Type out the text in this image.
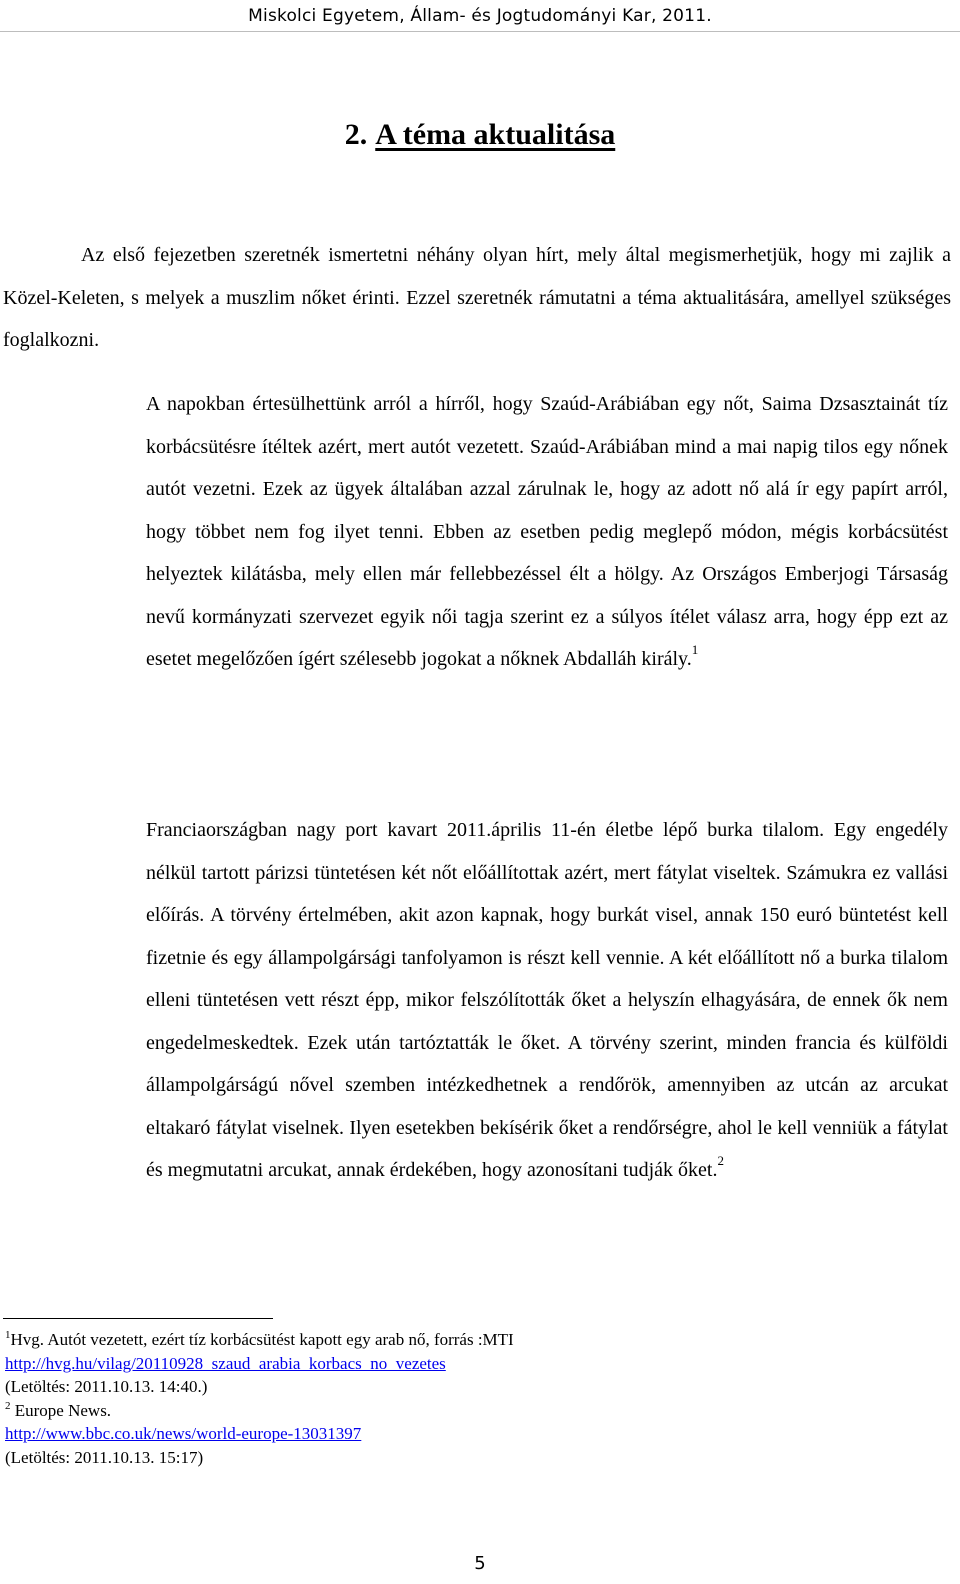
Miskolci Egyetem, Állam- és Jogtudományi Kar, 2011.
2. A téma aktualitása

Az első fejezetben szeretnék ismertetni néhány olyan hírt, mely által megismerhetjük, hogy mi zajlik a Közel-Keleten, s melyek a muszlim nőket érinti. Ezzel szeretnék rámutatni a téma aktualitására, amellyel szükséges foglalkozni.

A napokban értesülhettünk arról a hírről, hogy Szaúd-Arábiában egy nőt, Saima Dzsasztainát tíz korbácsütésre ítéltek azért, mert autót vezetett. Szaúd-Arábiában mind a mai napig tilos egy nőnek autót vezetni. Ezek az ügyek általában azzal zárulnak le, hogy az adott nő alá ír egy papírt arról, hogy többet nem fog ilyet tenni. Ebben az esetben pedig meglepő módon, mégis korbácsütést helyeztek kilátásba, mely ellen már fellebbezéssel élt a hölgy. Az Országos Emberjogi Társaság nevű kormányzati szervezet egyik női tagja szerint ez a súlyos ítélet válasz arra, hogy épp ezt az esetet megelőzően ígért szélesebb jogokat a nőknek Abdalláh király.$^1$

Franciaországban nagy port kavart 2011.április 11-én életbe lépő burka tilalom. Egy engedély nélkül tartott párizsi tüntetésen két nőt előállítottak azért, mert fátylat viseltek. Számukra ez vallási előírás. A törvény értelmében, akit azon kapnak, hogy burkát visel, annak 150 euró büntetést kell fizetnie és egy állampolgársági tanfolyamon is részt kell vennie. A két előállított nő a burka tilalom elleni tüntetésen vett részt épp, mikor felszólították őket a helyszín elhagyására, de ennek ők nem engedelmeskedtek. Ezek után tartóztatták le őket. A törvény szerint, minden francia és külföldi állampolgárságú nővel szemben intézkedhetnek a rendőrök, amennyiben az utcán az arcukat eltakaró fátylat viselnek. Ilyen esetekben bekísérik őket a rendőrségre, ahol le kell venniük a fátylat és megmutatni arcukat, annak érdekében, hogy azonosítani tudják őket.$^2$

$^1$Hvg. Autót vezetett, ezért tíz korbácsütést kapott egy arab nő, forrás :MTI
http://hvg.hu/vilag/20110928_szaud_arabia_korbacs_no_vezetes
(Letöltés: 2011.10.13. 14:40.)
$^2$ Europe News.
http://www.bbc.co.uk/news/world-europe-13031397
(Letöltés: 2011.10.13. 15:17)
5
